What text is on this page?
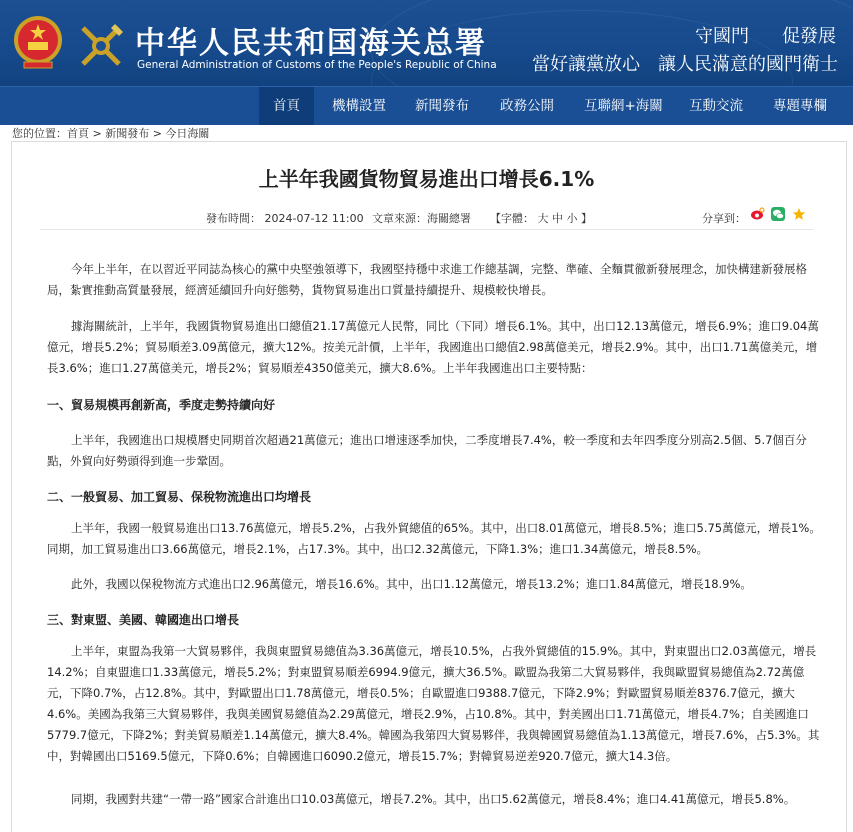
中华人民共和国海关总署
General Administration of Customs of the People's Republic of China
守國門 促發展
當好讓黨放心 讓人民滿意的國門衛士
首頁	機構設置 新聞發布 政務公開 互聯網+海關 互動交流 專題專欄
您的位置：首頁 > 新聞發布 > 今日海關
上半年我國貨物貿易進出口增長6.1%
發布時間： 2024-07-12 11:00 文章來源：海關總署 【字體： 大 中 小 】	分享到：

今年上半年，在以習近平同誌為核心的黨中央堅強領導下，我國堅持穩中求進工作總基調，完整、準確、全麵貫徹新發展理念，加快構建新發展格局，紮實推動高質量發展，經濟延續回升向好態勢，貨物貿易進出口質量持續提升、規模較快增長。

據海關統計，上半年，我國貨物貿易進出口總值21.17萬億元人民幣，同比（下同）增長6.1%。其中，出口12.13萬億元，增長6.9%；進口9.04萬億元，增長5.2%；貿易順差3.09萬億元，擴大12%。按美元計價，上半年，我國進出口總值2.98萬億美元，增長2.9%。其中，出口1.71萬億美元，增長3.6%；進口1.27萬億美元，增長2%；貿易順差4350億美元，擴大8.6%。上半年我國進出口主要特點：

一、貿易規模再創新高，季度走勢持續向好

上半年，我國進出口規模曆史同期首次超過21萬億元；進出口增速逐季加快，二季度增長7.4%，較一季度和去年四季度分別高2.5個、5.7個百分點，外貿向好勢頭得到進一步鞏固。

二、一般貿易、加工貿易、保稅物流進出口均增長

上半年，我國一般貿易進出口13.76萬億元，增長5.2%，占我外貿總值的65%。其中，出口8.01萬億元，增長8.5%；進口5.75萬億元，增長1%。同期，加工貿易進出口3.66萬億元，增長2.1%，占17.3%。其中，出口2.32萬億元，下降1.3%；進口1.34萬億元，增長8.5%。

此外，我國以保稅物流方式進出口2.96萬億元，增長16.6%。其中，出口1.12萬億元，增長13.2%；進口1.84萬億元，增長18.9%。

三、對東盟、美國、韓國進出口增長

上半年，東盟為我第一大貿易夥伴，我與東盟貿易總值為3.36萬億元，增長10.5%，占我外貿總值的15.9%。其中，對東盟出口2.03萬億元，增長14.2%；自東盟進口1.33萬億元，增長5.2%；對東盟貿易順差6994.9億元，擴大36.5%。歐盟為我第二大貿易夥伴，我與歐盟貿易總值為2.72萬億元，下降0.7%，占12.8%。其中，對歐盟出口1.78萬億元，增長0.5%；自歐盟進口9388.7億元，下降2.9%；對歐盟貿易順差8376.7億元，擴大4.6%。美國為我第三大貿易夥伴，我與美國貿易總值為2.29萬億元，增長2.9%，占10.8%。其中，對美國出口1.71萬億元，增長4.7%；自美國進口5779.7億元，下降2%；對美貿易順差1.14萬億元，擴大8.4%。韓國為我第四大貿易夥伴，我與韓國貿易總值為1.13萬億元，增長7.6%，占5.3%。其中，對韓國出口5169.5億元，下降0.6%；自韓國進口6090.2億元，增長15.7%；對韓貿易逆差920.7億元，擴大14.3倍。

同期，我國對共建“一帶一路”國家合計進出口10.03萬億元，增長7.2%。其中，出口5.62萬億元，增長8.4%；進口4.41萬億元，增長5.8%。
